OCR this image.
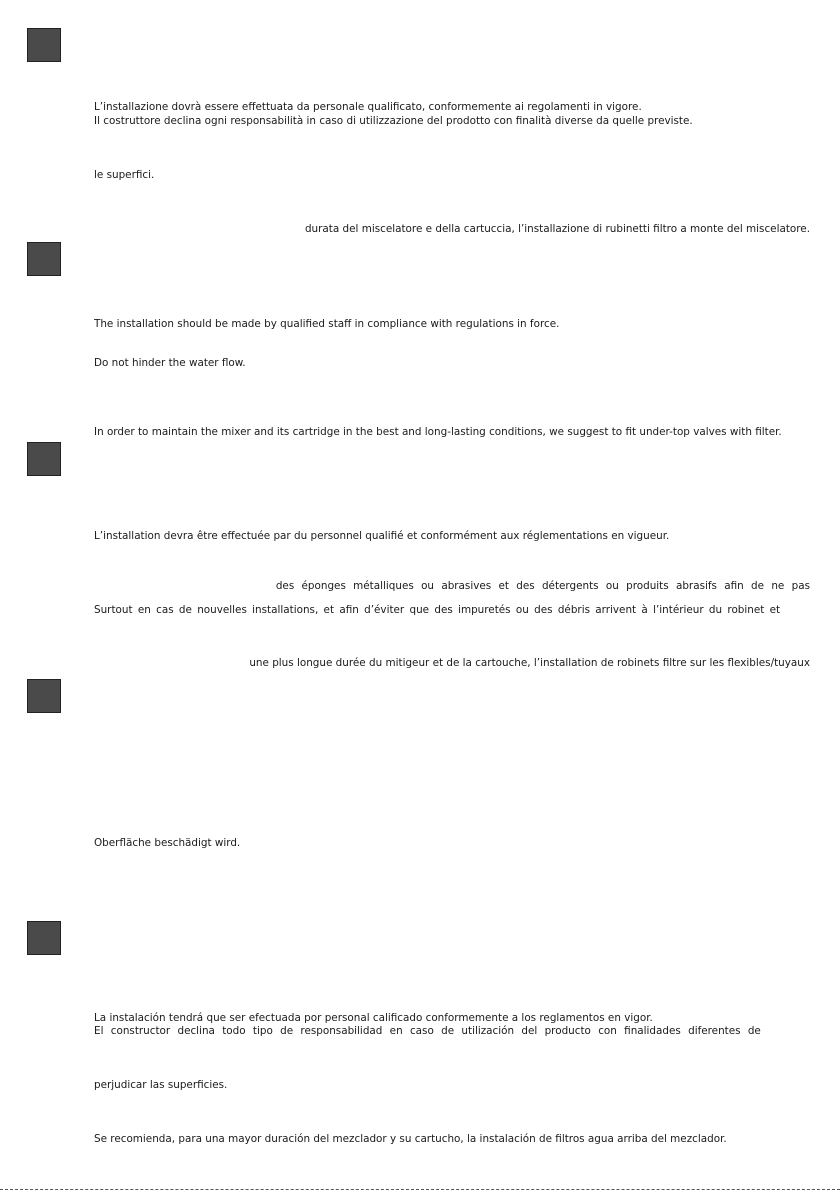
L’installazione dovrà essere effettuata da personale qualificato, conformemente ai regolamenti in vigore.
Il costruttore declina ogni responsabilità in caso di utilizzazione del prodotto con finalità diverse da quelle previste.
le superfici.
durata del miscelatore e della cartuccia, l’installazione di rubinetti filtro a monte del miscelatore.
The installation should be made by qualified staff in compliance with regulations in force.
Do not hinder the water flow.
In order to maintain the mixer and its cartridge in the best and long-lasting conditions, we suggest to fit under-top valves with filter.
L’installation devra être effectuée par du personnel qualifié et conformément aux réglementations en vigueur.
des éponges métalliques ou abrasives et des détergents ou produits abrasifs afin de ne pas
Surtout en cas de nouvelles installations, et afin d’éviter que des impuretés ou des débris arrivent à l’intérieur du robinet et
une plus longue durée du mitigeur et de la cartouche, l’installation de robinets filtre sur les flexibles/tuyaux
Oberfläche beschädigt wird.
La instalación tendrá que ser efectuada por personal calificado conformemente a los reglamentos en vigor.
El constructor declina todo tipo de responsabilidad en caso de utilización del producto con finalidades diferentes de
perjudicar las superficies.
Se recomienda, para una mayor duración del mezclador y su cartucho, la instalación de filtros agua arriba del mezclador.
